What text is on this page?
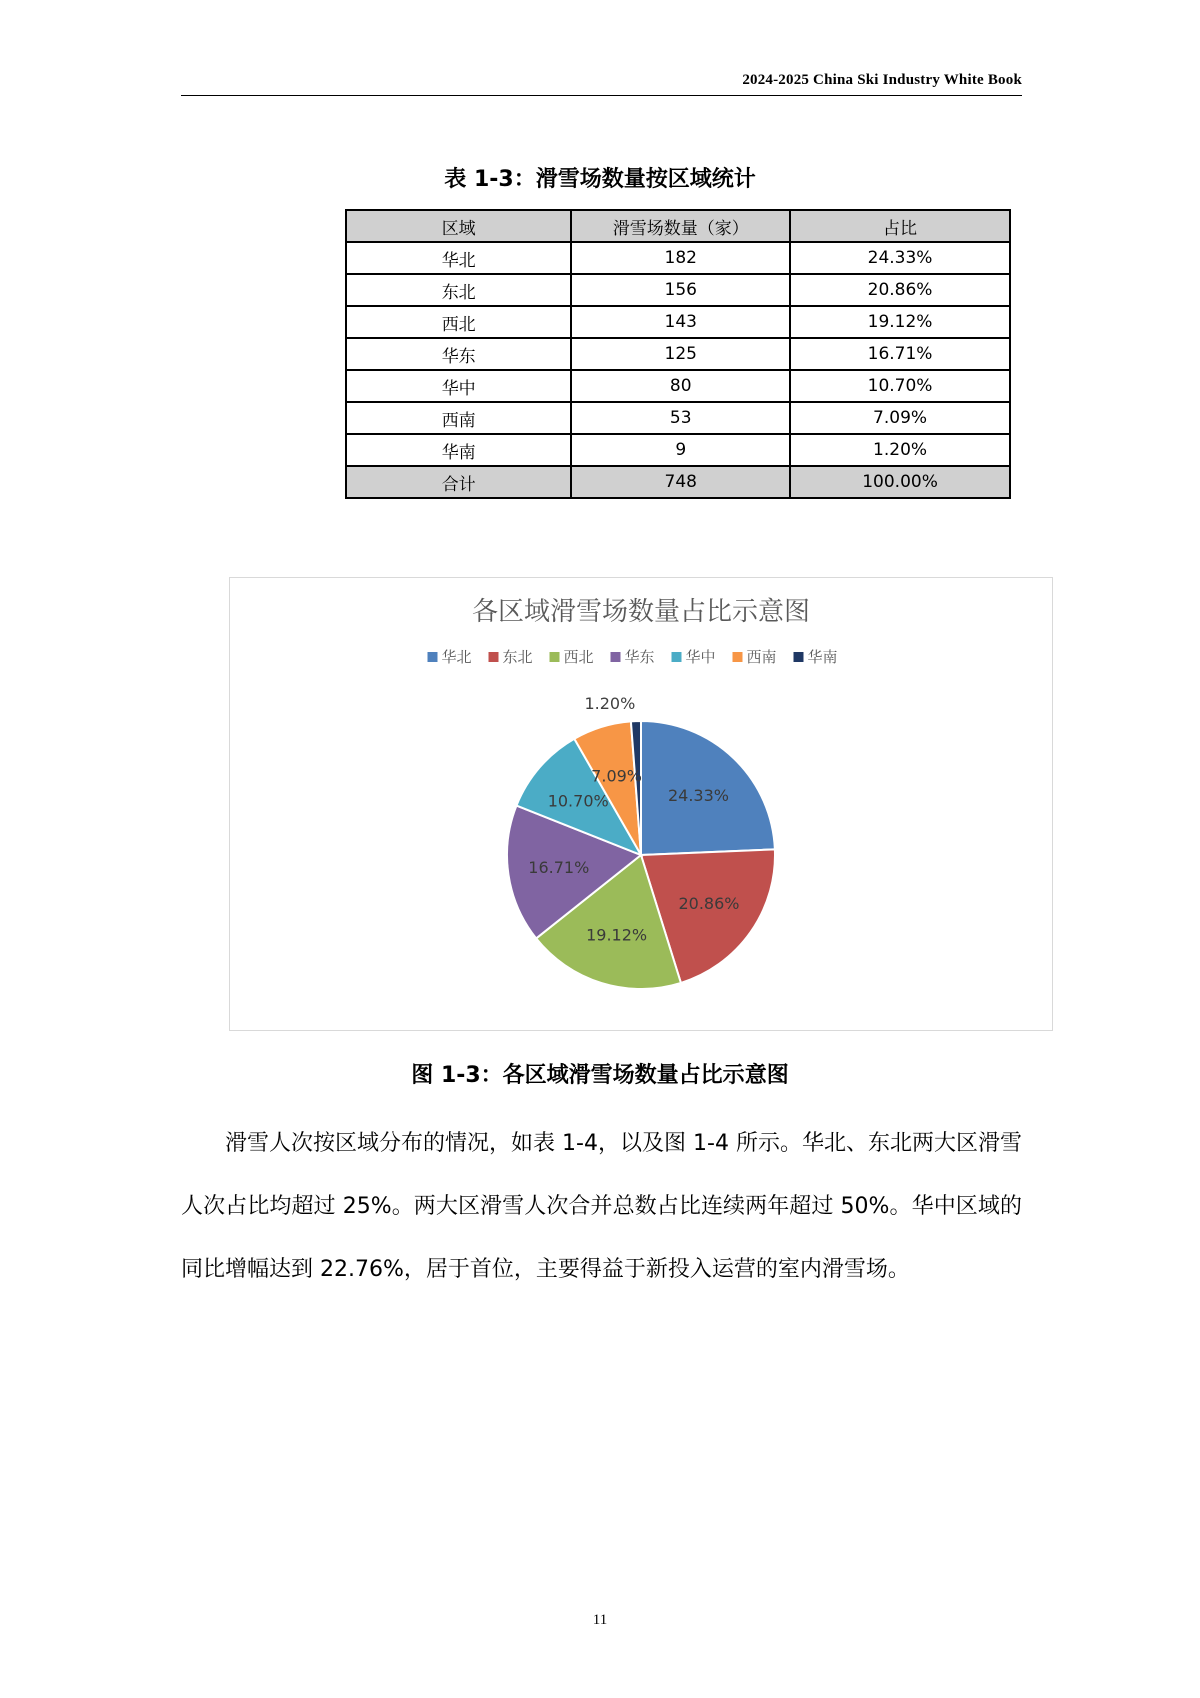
2024-2025 China Ski Industry White Book
表 1-3：滑雪场数量按区域统计
区域	滑雪场数量（家）	占比
华北	182	24.33%
东北	156	20.86%
西北	143	19.12%
华东	125	16.71%
华中	80	10.70%
西南	53	7.09%
华南	9	1.20%
合计	748	100.00%
各区域滑雪场数量占比示意图
华北 东北 西北 华东 华中 西南 华南
24.33%
20.86%
19.12%
16.71%
10.70%
7.09%
1.20%
图 1-3：各区域滑雪场数量占比示意图

滑雪人次按区域分布的情况，如表 1-4，以及图 1-4 所示。华北、东北两大区滑雪人次占比均超过 25%。两大区滑雪人次合并总数占比连续两年超过 50%。华中区域的同比增幅达到 22.76%，居于首位，主要得益于新投入运营的室内滑雪场。

11
